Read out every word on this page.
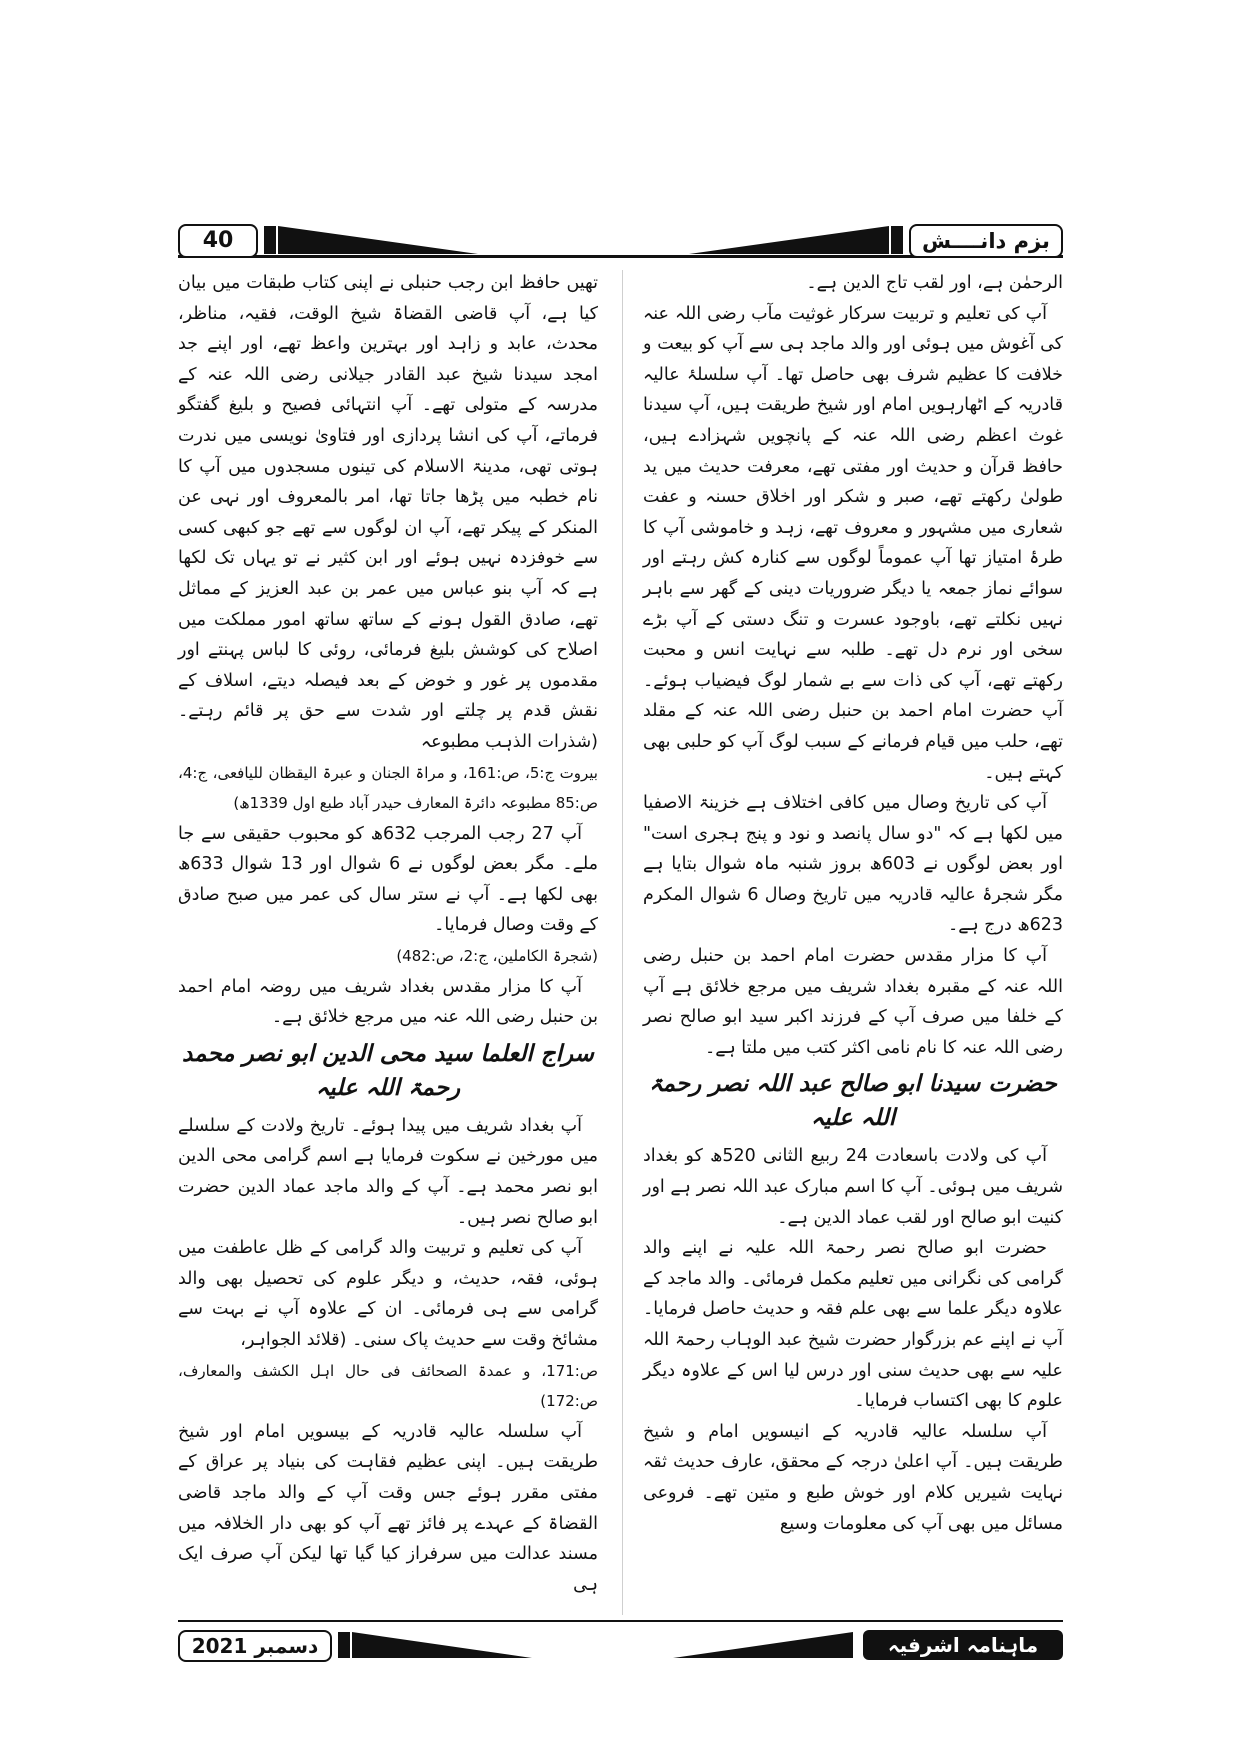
40	بزم دانــــش

الرحمٰن ہے، اور لقب تاج الدین ہے۔

آپ کی تعلیم و تربیت سرکار غوثیت مآب رضی اللہ عنہ کی آغوش میں ہوئی اور والد ماجد ہی سے آپ کو بیعت و خلافت کا عظیم شرف بھی حاصل تھا۔ آپ سلسلۂ عالیہ قادریہ کے اٹھارہویں امام اور شیخ طریقت ہیں، آپ سیدنا غوث اعظم رضی اللہ عنہ کے پانچویں شہزادے ہیں، حافظ قرآن و حدیث اور مفتی تھے، معرفت حدیث میں ید طولیٰ رکھتے تھے، صبر و شکر اور اخلاق حسنہ و عفت شعاری میں مشہور و معروف تھے، زہد و خاموشی آپ کا طرۂ امتیاز تھا آپ عموماً لوگوں سے کنارہ کش رہتے اور سوائے نماز جمعہ یا دیگر ضروریات دینی کے گھر سے باہر نہیں نکلتے تھے، باوجود عسرت و تنگ دستی کے آپ بڑے سخی اور نرم دل تھے۔ طلبہ سے نہایت انس و محبت رکھتے تھے، آپ کی ذات سے بے شمار لوگ فیضیاب ہوئے۔ آپ حضرت امام احمد بن حنبل رضی اللہ عنہ کے مقلد تھے، حلب میں قیام فرمانے کے سبب لوگ آپ کو حلبی بھی کہتے ہیں۔

آپ کی تاریخ وصال میں کافی اختلاف ہے خزینۃ الاصفیا میں لکھا ہے کہ "دو سال پانصد و نود و پنج ہجری است" اور بعض لوگوں نے 603ھ بروز شنبہ ماہ شوال بتایا ہے مگر شجرۂ عالیہ قادریہ میں تاریخ وصال 6 شوال المکرم 623ھ درج ہے۔

آپ کا مزار مقدس حضرت امام احمد بن حنبل رضی اللہ عنہ کے مقبرہ بغداد شریف میں مرجع خلائق ہے آپ کے خلفا میں صرف آپ کے فرزند اکبر سید ابو صالح نصر رضی اللہ عنہ کا نام نامی اکثر کتب میں ملتا ہے۔

حضرت سیدنا ابو صالح عبد اللہ نصر رحمۃ اللہ علیہ

آپ کی ولادت باسعادت 24 ربیع الثانی 520ھ کو بغداد شریف میں ہوئی۔ آپ کا اسم مبارک عبد اللہ نصر ہے اور کنیت ابو صالح اور لقب عماد الدین ہے۔

حضرت ابو صالح نصر رحمۃ اللہ علیہ نے اپنے والد گرامی کی نگرانی میں تعلیم مکمل فرمائی۔ والد ماجد کے علاوہ دیگر علما سے بھی علم فقہ و حدیث حاصل فرمایا۔ آپ نے اپنے عم بزرگوار حضرت شیخ عبد الوہاب رحمۃ اللہ علیہ سے بھی حدیث سنی اور درس لیا اس کے علاوہ دیگر علوم کا بھی اکتساب فرمایا۔

آپ سلسلہ عالیہ قادریہ کے انیسویں امام و شیخ طریقت ہیں۔ آپ اعلیٰ درجہ کے محقق، عارف حدیث ثقہ نہایت شیریں کلام اور خوش طبع و متین تھے۔ فروعی مسائل میں بھی آپ کی معلومات وسیع

تھیں حافظ ابن رجب حنبلی نے اپنی کتاب طبقات میں بیان کیا ہے، آپ قاضی القضاۃ شیخ الوقت، فقیہ، مناظر، محدث، عابد و زاہد اور بہترین واعظ تھے، اور اپنے جد امجد سیدنا شیخ عبد القادر جیلانی رضی اللہ عنہ کے مدرسہ کے متولی تھے۔ آپ انتہائی فصیح و بلیغ گفتگو فرماتے، آپ کی انشا پردازی اور فتاویٰ نویسی میں ندرت ہوتی تھی، مدینۃ الاسلام کی تینوں مسجدوں میں آپ کا نام خطبہ میں پڑھا جاتا تھا، امر بالمعروف اور نہی عن المنکر کے پیکر تھے، آپ ان لوگوں سے تھے جو کبھی کسی سے خوفزدہ نہیں ہوئے اور ابن کثیر نے تو یہاں تک لکھا ہے کہ آپ بنو عباس میں عمر بن عبد العزیز کے مماثل تھے، صادق القول ہونے کے ساتھ ساتھ امور مملکت میں اصلاح کی کوشش بلیغ فرمائی، روئی کا لباس پہنتے اور مقدموں پر غور و خوض کے بعد فیصلہ دیتے، اسلاف کے نقش قدم پر چلتے اور شدت سے حق پر قائم رہتے۔ (شذرات الذہب مطبوعہ

بیروت ج:5، ص:161، و مراۃ الجنان و عبرۃ الیقظان للیافعی، ج:4، ص:85 مطبوعہ دائرۃ المعارف حیدر آباد طبع اول 1339ھ)

آپ 27 رجب المرجب 632ھ کو محبوب حقیقی سے جا ملے۔ مگر بعض لوگوں نے 6 شوال اور 13 شوال 633ھ بھی لکھا ہے۔ آپ نے ستر سال کی عمر میں صبح صادق کے وقت وصال فرمایا۔

(شجرۃ الکاملین، ج:2، ص:482)

آپ کا مزار مقدس بغداد شریف میں روضہ امام احمد بن حنبل رضی اللہ عنہ میں مرجع خلائق ہے۔

سراج العلما سید محی الدین ابو نصر محمد رحمۃ اللہ علیہ

آپ بغداد شریف میں پیدا ہوئے۔ تاریخ ولادت کے سلسلے میں مورخین نے سکوت فرمایا ہے اسم گرامی محی الدین ابو نصر محمد ہے۔ آپ کے والد ماجد عماد الدین حضرت ابو صالح نصر ہیں۔

آپ کی تعلیم و تربیت والد گرامی کے ظل عاطفت میں ہوئی، فقہ، حدیث، و دیگر علوم کی تحصیل بھی والد گرامی سے ہی فرمائی۔ ان کے علاوہ آپ نے بہت سے مشائخ وقت سے حدیث پاک سنی۔ (قلائد الجواہر،

ص:171، و عمدۃ الصحائف فی حال اہل الکشف والمعارف، ص:172)

آپ سلسلہ عالیہ قادریہ کے بیسویں امام اور شیخ طریقت ہیں۔ اپنی عظیم فقاہت کی بنیاد پر عراق کے مفتی مقرر ہوئے جس وقت آپ کے والد ماجد قاضی القضاۃ کے عہدے پر فائز تھے آپ کو بھی دار الخلافہ میں مسند عدالت میں سرفراز کیا گیا تھا لیکن آپ صرف ایک ہی

دسمبر 2021	ماہنامہ اشرفیہ
